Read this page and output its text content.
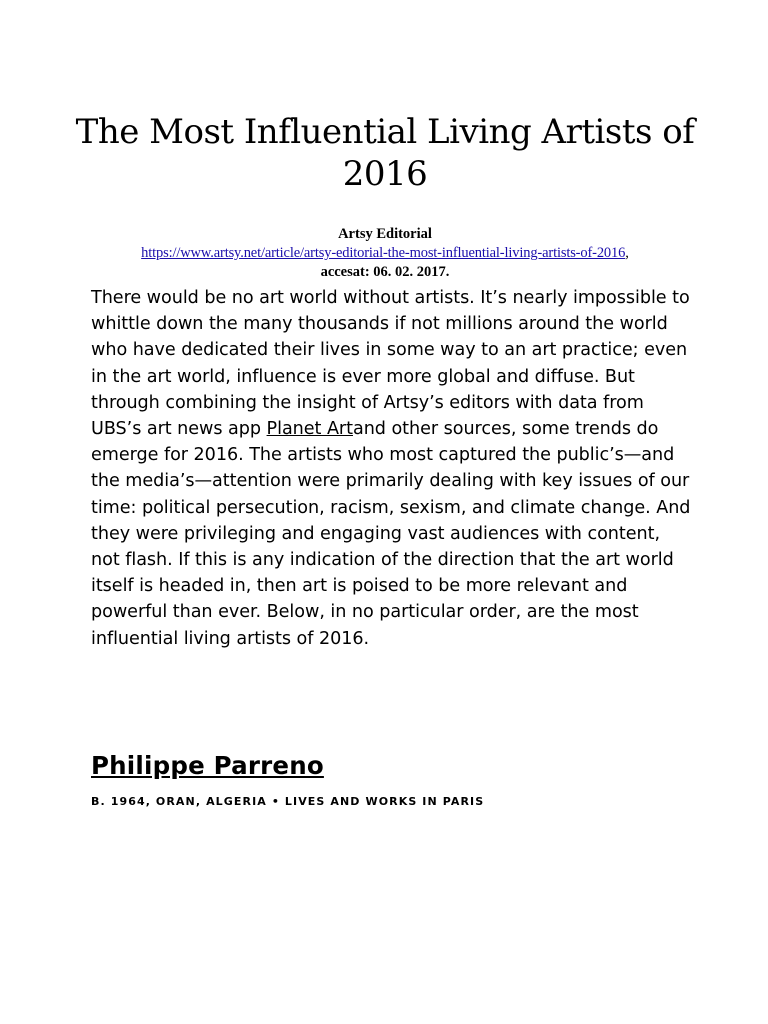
The Most Influential Living Artists of 2016

Artsy Editorial

https://www.artsy.net/article/artsy-editorial-the-most-influential-living-artists-of-2016,

accesat: 06. 02. 2017.

There would be no art world without artists. It’s nearly impossible to whittle down the many thousands if not millions around the world who have dedicated their lives in some way to an art practice; even in the art world, influence is ever more global and diffuse. But through combining the insight of Artsy’s editors with data from UBS’s art news app Planet Artand other sources, some trends do emerge for 2016. The artists who most captured the public’s—and the media’s—attention were primarily dealing with key issues of our time: political persecution, racism, sexism, and climate change. And they were privileging and engaging vast audiences with content, not flash. If this is any indication of the direction that the art world itself is headed in, then art is poised to be more relevant and powerful than ever. Below, in no particular order, are the most influential living artists of 2016.

Philippe Parreno

B. 1964, ORAN, ALGERIA • LIVES AND WORKS IN PARIS
